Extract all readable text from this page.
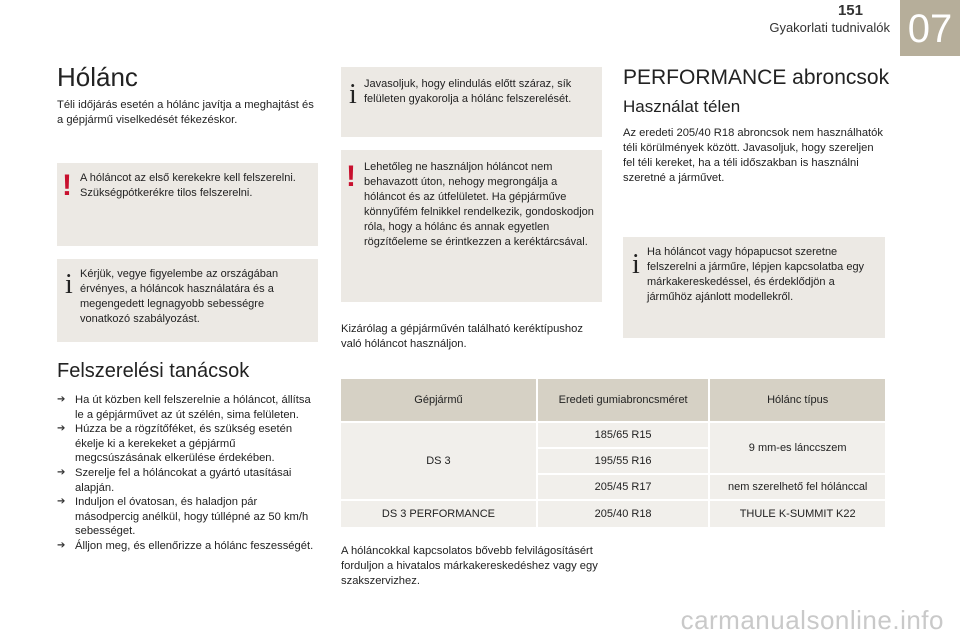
151
Gyakorlati tudnivalók 07
Hólánc
Téli időjárás esetén a hólánc javítja a meghajtást és a gépjármű viselkedését fékezéskor.
! A hóláncot az első kerekekre kell felszerelni. Szükségpótkerékre tilos felszerelni.
i Kérjük, vegye figyelembe az országában érvényes, a hóláncok használatára és a megengedett legnagyobb sebességre vonatkozó szabályozást.
Felszerelési tanácsok
➔ Ha út közben kell felszerelnie a hóláncot, állítsa le a gépjárművet az út szélén, sima felületen.
➔ Húzza be a rögzítőféket, és szükség esetén ékelje ki a kerekeket a gépjármű megcsúszásának elkerülése érdekében.
➔ Szerelje fel a hóláncokat a gyártó utasításai alapján.
➔ Induljon el óvatosan, és haladjon pár másodpercig anélkül, hogy túllépné az 50 km/h sebességet.
➔ Álljon meg, és ellenőrizze a hólánc feszességét.
i Javasoljuk, hogy elindulás előtt száraz, sík felületen gyakorolja a hólánc felszerelését.
! Lehetőleg ne használjon hóláncot nem behavazott úton, nehogy megrongálja a hóláncot és az útfelületet. Ha gépjárműve könnyűfém felnikkel rendelkezik, gondoskodjon róla, hogy a hólánc és annak egyetlen rögzítőeleme se érintkezzen a keréktárcsával.
Kizárólag a gépjárművén található keréktípushoz való hóláncot használjon.
PERFORMANCE abroncsok
Használat télen
Az eredeti 205/40 R18 abroncsok nem használhatók téli körülmények között. Javasoljuk, hogy szereljen fel téli kereket, ha a téli időszakban is használni szeretné a járművet.
i Ha hóláncot vagy hópapucsot szeretne felszerelni a járműre, lépjen kapcsolatba egy márkakereskedéssel, és érdeklődjön a járműhöz ajánlott modellekről.
Gépjármű	Eredeti gumiabroncsméret	Hólánc típus
DS 3	185/65 R15	9 mm-es lánccszem
	195/55 R16	
	205/45 R17	nem szerelhető fel hólánccal
DS 3 PERFORMANCE	205/40 R18	THULE K-SUMMIT K22
A hóláncokkal kapcsolatos bővebb felvilágosításért forduljon a hivatalos márkakereskedéshez vagy egy szakszervizhez.
carmanualsonline.info
